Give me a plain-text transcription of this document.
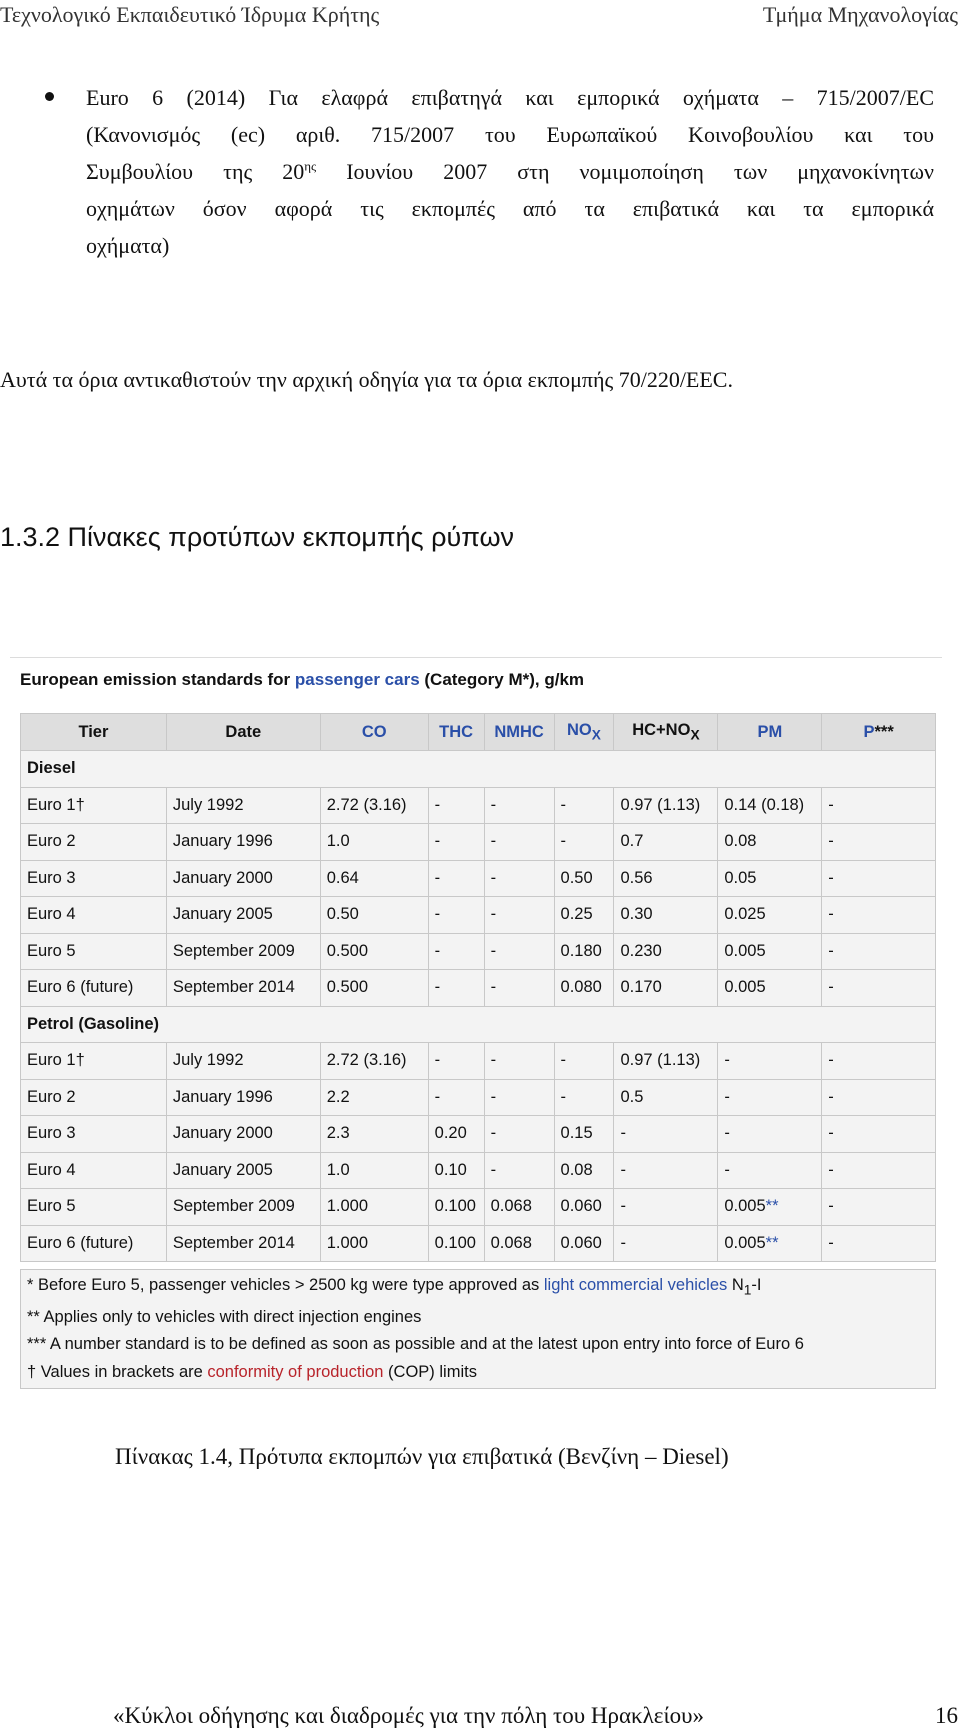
Τεχνολογικό Εκπαιδευτικό Ίδρυμα Κρήτης	Τμήμα Μηχανολογίας
Euro 6 (2014) Για ελαφρά επιβατηγά και εμπορικά οχήματα – 715/2007/EC
(Κανονισμός (ec) αριθ. 715/2007 του Ευρωπαϊκού Κοινοβουλίου και του
Συμβουλίου της $20^{\eta\varsigma}$ Ιουνίου 2007 στη νομιμοποίηση των μηχανοκίνητων
οχημάτων όσον αφορά τις εκπομπές από τα επιβατικά και τα εμπορικά
οχήματα)
Αυτά τα όρια αντικαθιστούν την αρχική οδηγία για τα όρια εκπομπής 70/220/EEC.
1.3.2 Πίνακες προτύπων εκπομπής ρύπων
European emission standards for passenger cars (Category M*), g/km
Tier	Date	CO	THC	NMHC	$NO_X$	$HC+NO_X$	PM	P***
Diesel								
Euro 1†	July 1992	2.72 (3.16)	-	-	-	0.97 (1.13)	0.14 (0.18)	-
Euro 2	January 1996	1.0	-	-	-	0.7	0.08	-
Euro 3	January 2000	0.64	-	-	0.50	0.56	0.05	-
Euro 4	January 2005	0.50	-	-	0.25	0.30	0.025	-
Euro 5	September 2009	0.500	-	-	0.180	0.230	0.005	-
Euro 6 (future)	September 2014	0.500	-	-	0.080	0.170	0.005	-
Petrol (Gasoline)								
Euro 1†	July 1992	2.72 (3.16)	-	-	-	0.97 (1.13)	-	-
Euro 2	January 1996	2.2	-	-	-	0.5	-	-
Euro 3	January 2000	2.3	0.20	-	0.15	-	-	-
Euro 4	January 2005	1.0	0.10	-	0.08	-	-	-
Euro 5	September 2009	1.000	0.100	0.068	0.060	-	0.005**	-
Euro 6 (future)	September 2014	1.000	0.100	0.068	0.060	-	0.005**	-
* Before Euro 5, passenger vehicles > 2500 kg were type approved as light commercial vehicles $N_1-I$
** Applies only to vehicles with direct injection engines
*** A number standard is to be defined as soon as possible and at the latest upon entry into force of Euro 6
† Values in brackets are conformity of production (COP) limits
Πίνακας 1.4, Πρότυπα εκπομπών για επιβατικά (Βενζίνη – Diesel)
«Κύκλοι οδήγησης και διαδρομές για την πόλη του Ηρακλείου»	16
